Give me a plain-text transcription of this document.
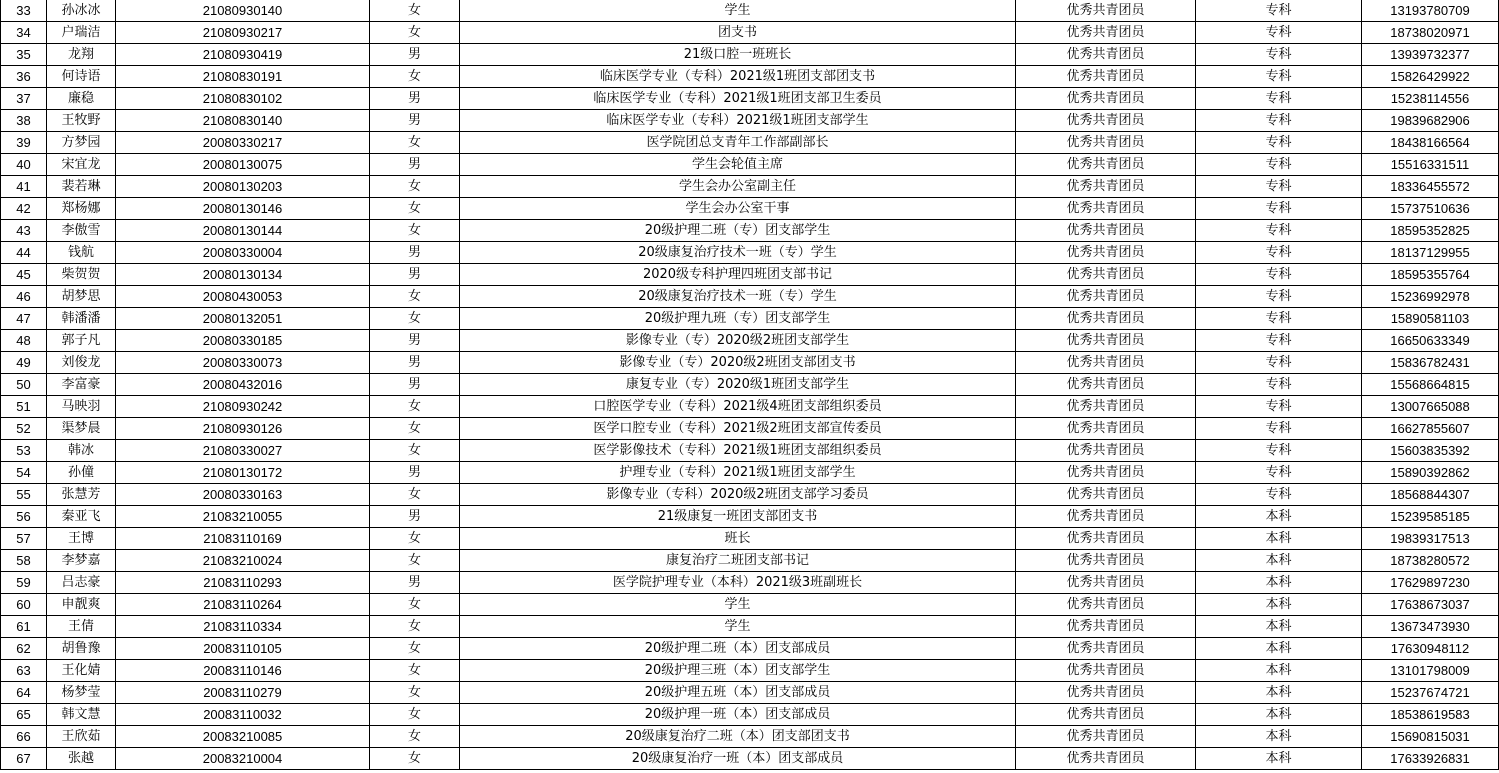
33	孙冰冰	21080930140	女	学生	优秀共青团员	专科	13193780709
34	户瑞洁	21080930217	女	团支书	优秀共青团员	专科	18738020971
35	龙翔	21080930419	男	21级口腔一班班长	优秀共青团员	专科	13939732377
36	何诗语	21080830191	女	临床医学专业（专科）2021级1班团支部团支书	优秀共青团员	专科	15826429922
37	廉稳	21080830102	男	临床医学专业（专科）2021级1班团支部卫生委员	优秀共青团员	专科	15238114556
38	王牧野	21080830140	男	临床医学专业（专科）2021级1班团支部学生	优秀共青团员	专科	19839682906
39	方梦园	20080330217	女	医学院团总支青年工作部副部长	优秀共青团员	专科	18438166564
40	宋宜龙	20080130075	男	学生会轮值主席	优秀共青团员	专科	15516331511
41	裴若琳	20080130203	女	学生会办公室副主任	优秀共青团员	专科	18336455572
42	郑杨娜	20080130146	女	学生会办公室干事	优秀共青团员	专科	15737510636
43	李傲雪	20080130144	女	20级护理二班（专）团支部学生	优秀共青团员	专科	18595352825
44	钱航	20080330004	男	20级康复治疗技术一班（专）学生	优秀共青团员	专科	18137129955
45	柴贺贺	20080130134	男	2020级专科护理四班团支部书记	优秀共青团员	专科	18595355764
46	胡梦思	20080430053	女	20级康复治疗技术一班（专）学生	优秀共青团员	专科	15236992978
47	韩潘潘	20080132051	女	20级护理九班（专）团支部学生	优秀共青团员	专科	15890581103
48	郭子凡	20080330185	男	影像专业（专）2020级2班团支部学生	优秀共青团员	专科	16650633349
49	刘俊龙	20080330073	男	影像专业（专）2020级2班团支部团支书	优秀共青团员	专科	15836782431
50	李富豪	20080432016	男	康复专业（专）2020级1班团支部学生	优秀共青团员	专科	15568664815
51	马映羽	21080930242	女	口腔医学专业（专科）2021级4班团支部组织委员	优秀共青团员	专科	13007665088
52	渠梦晨	21080930126	女	医学口腔专业（专科）2021级2班团支部宣传委员	优秀共青团员	专科	16627855607
53	韩冰	21080330027	女	医学影像技术（专科）2021级1班团支部组织委员	优秀共青团员	专科	15603835392
54	孙僮	21080130172	男	护理专业（专科）2021级1班团支部学生	优秀共青团员	专科	15890392862
55	张慧芳	20080330163	女	影像专业（专科）2020级2班团支部学习委员	优秀共青团员	专科	18568844307
56	秦亚飞	21083210055	男	21级康复一班团支部团支书	优秀共青团员	本科	15239585185
57	王博	21083110169	女	班长	优秀共青团员	本科	19839317513
58	李梦嘉	21083210024	女	康复治疗二班团支部书记	优秀共青团员	本科	18738280572
59	吕志豪	21083110293	男	医学院护理专业（本科）2021级3班副班长	优秀共青团员	本科	17629897230
60	申靓爽	21083110264	女	学生	优秀共青团员	本科	17638673037
61	王倩	21083110334	女	学生	优秀共青团员	本科	13673473930
62	胡鲁豫	20083110105	女	20级护理二班（本）团支部成员	优秀共青团员	本科	17630948112
63	王化婧	20083110146	女	20级护理三班（本）团支部学生	优秀共青团员	本科	13101798009
64	杨梦莹	20083110279	女	20级护理五班（本）团支部成员	优秀共青团员	本科	15237674721
65	韩文慧	20083110032	女	20级护理一班（本）团支部成员	优秀共青团员	本科	18538619583
66	王欣茹	20083210085	女	20级康复治疗二班（本）团支部团支书	优秀共青团员	本科	15690815031
67	张越	20083210004	女	20级康复治疗一班（本）团支部成员	优秀共青团员	本科	17633926831
